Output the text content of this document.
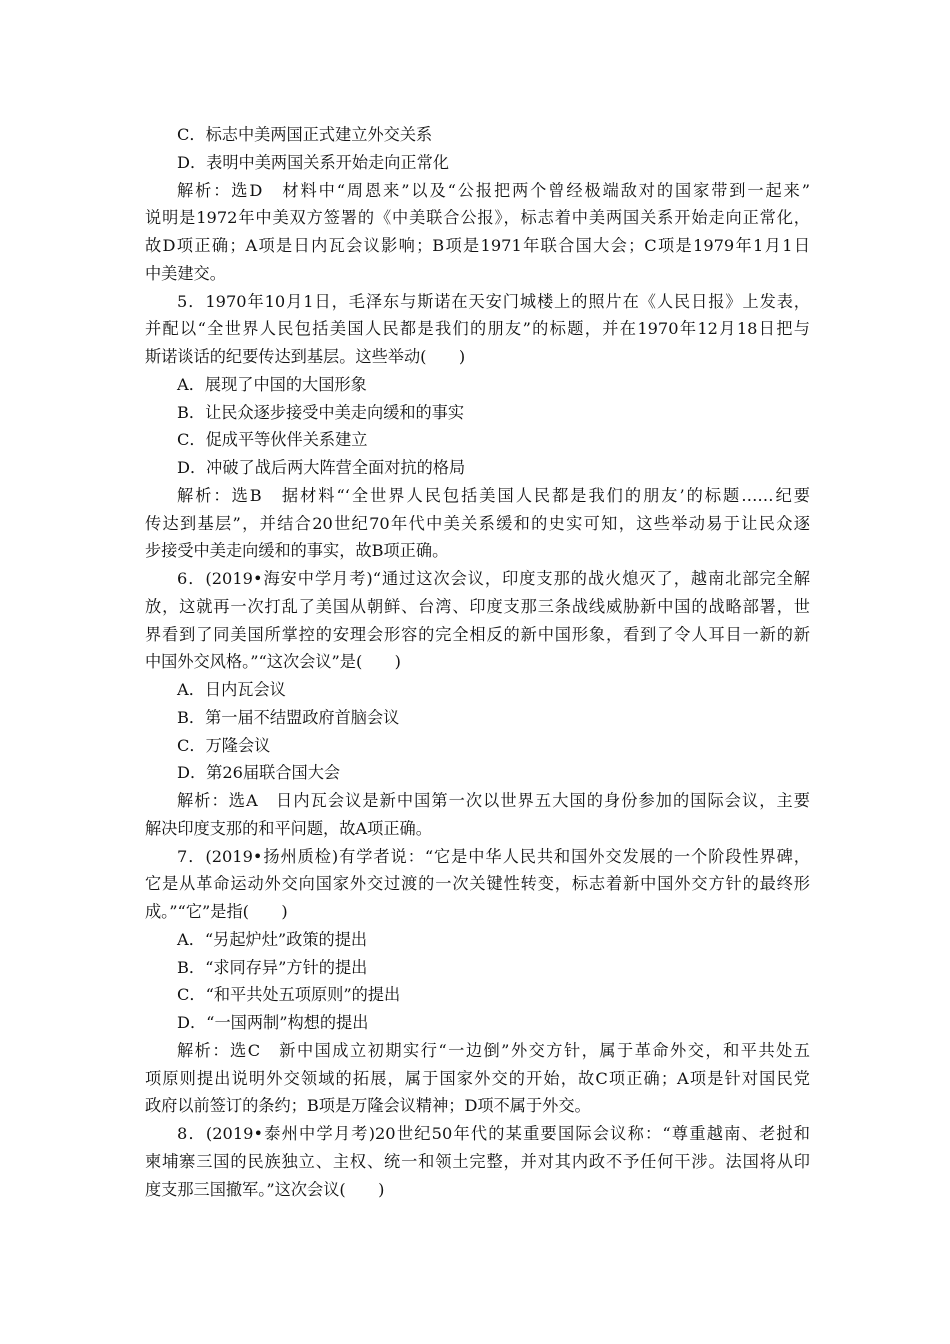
C．标志中美两国正式建立外交关系
D．表明中美两国关系开始走向正常化
解析：选D　材料中“周恩来”以及“公报把两个曾经极端敌对的国家带到一起来”
说明是1972年中美双方签署的《中美联合公报》，标志着中美两国关系开始走向正常化，
故D项正确；A项是日内瓦会议影响；B项是1971年联合国大会；C项是1979年1月1日
中美建交。
5．1970年10月1日，毛泽东与斯诺在天安门城楼上的照片在《人民日报》上发表，
并配以“全世界人民包括美国人民都是我们的朋友”的标题，并在1970年12月18日把与
斯诺谈话的纪要传达到基层。这些举动(　　)
A．展现了中国的大国形象
B．让民众逐步接受中美走向缓和的事实
C．促成平等伙伴关系建立
D．冲破了战后两大阵营全面对抗的格局
解析：选B　据材料“‘全世界人民包括美国人民都是我们的朋友’的标题……纪要
传达到基层”，并结合20世纪70年代中美关系缓和的史实可知，这些举动易于让民众逐
步接受中美走向缓和的事实，故B项正确。
6．(2019•海安中学月考)“通过这次会议，印度支那的战火熄灭了，越南北部完全解
放，这就再一次打乱了美国从朝鲜、台湾、印度支那三条战线威胁新中国的战略部署，世
界看到了同美国所掌控的安理会形容的完全相反的新中国形象，看到了令人耳目一新的新
中国外交风格。”“这次会议”是(　　)
A．日内瓦会议
B．第一届不结盟政府首脑会议
C．万隆会议
D．第26届联合国大会
解析：选A　日内瓦会议是新中国第一次以世界五大国的身份参加的国际会议，主要
解决印度支那的和平问题，故A项正确。
7．(2019•扬州质检)有学者说：“它是中华人民共和国外交发展的一个阶段性界碑，
它是从革命运动外交向国家外交过渡的一次关键性转变，标志着新中国外交方针的最终形
成。”“它”是指(　　)
A．“另起炉灶”政策的提出
B．“求同存异”方针的提出
C．“和平共处五项原则”的提出
D．“一国两制”构想的提出
解析：选C　新中国成立初期实行“一边倒”外交方针，属于革命外交，和平共处五
项原则提出说明外交领域的拓展，属于国家外交的开始，故C项正确；A项是针对国民党
政府以前签订的条约；B项是万隆会议精神；D项不属于外交。
8．(2019•泰州中学月考)20世纪50年代的某重要国际会议称：“尊重越南、老挝和
柬埔寨三国的民族独立、主权、统一和领土完整，并对其内政不予任何干涉。法国将从印
度支那三国撤军。”这次会议(　　)
